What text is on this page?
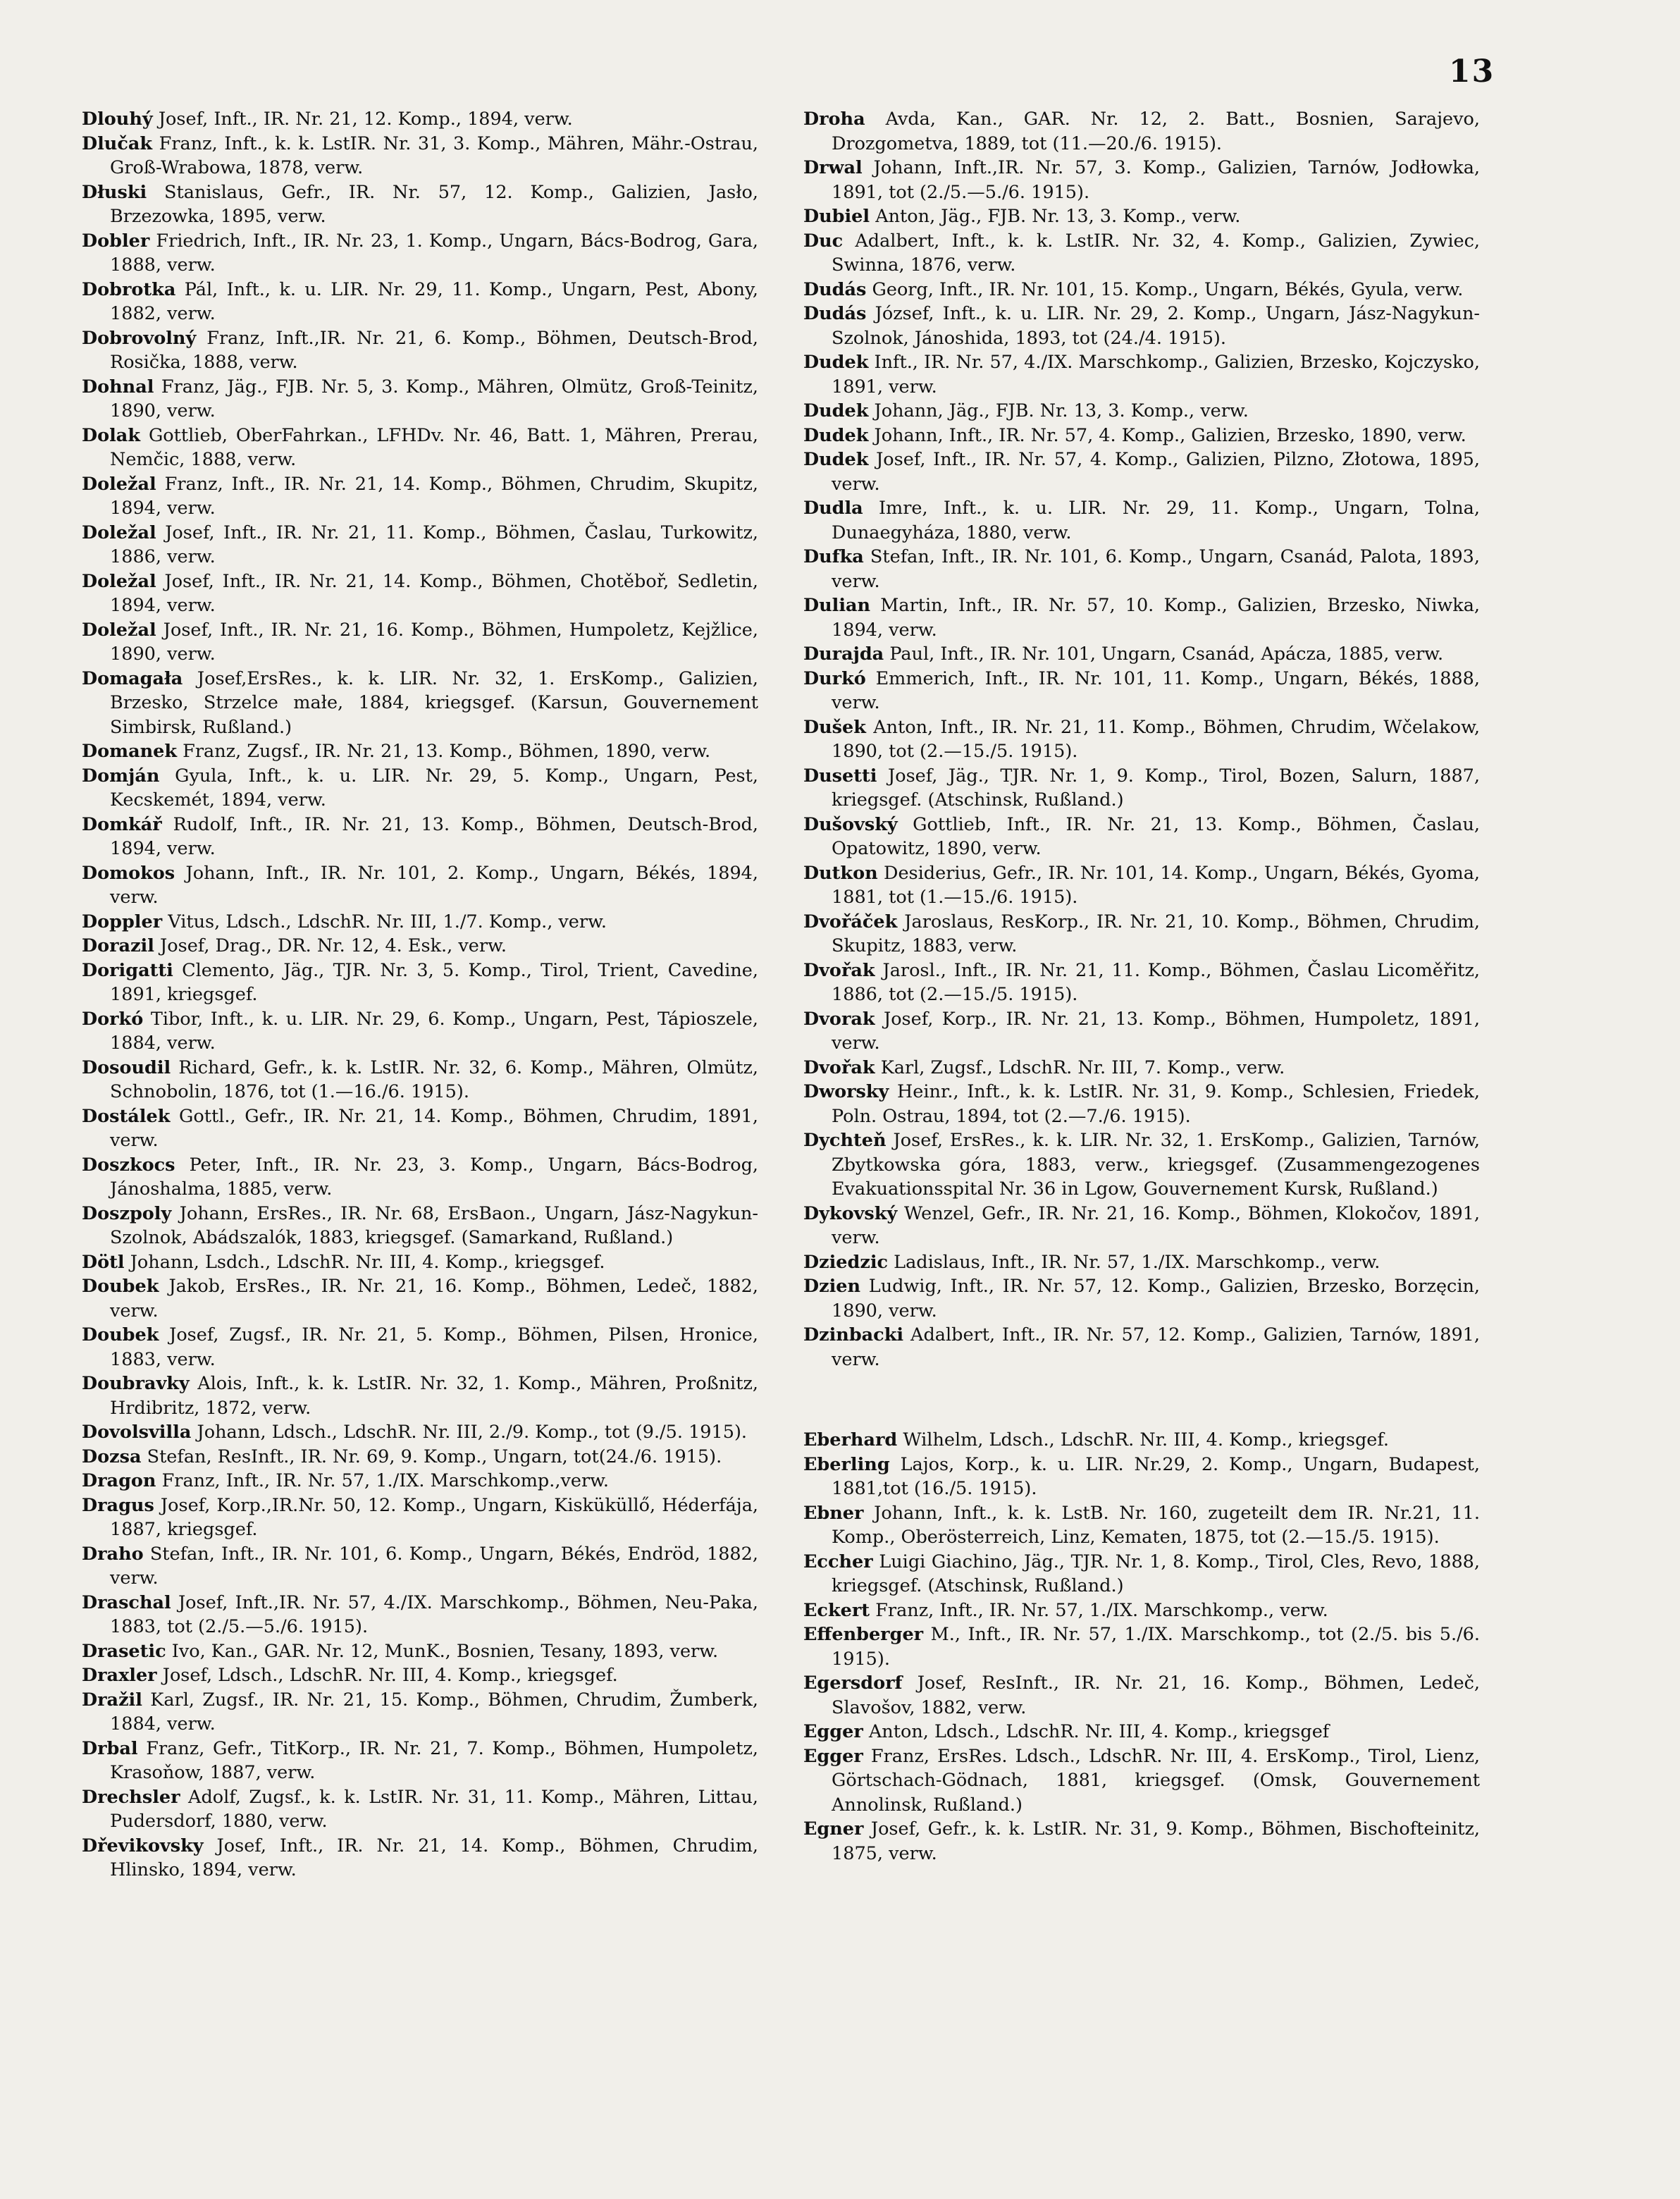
13

Dlouhý Josef, Inft., IR. Nr. 21, 12. Komp., 1894, verw.

Dlučak Franz, Inft., k. k. LstIR. Nr. 31, 3. Komp., Mähren, Mähr.-Ostrau, Groß-Wrabowa, 1878, verw.

Dłuski Stanislaus, Gefr., IR. Nr. 57, 12. Komp., Galizien, Jasło, Brzezowka, 1895, verw.

Dobler Friedrich, Inft., IR. Nr. 23, 1. Komp., Ungarn, Bács-Bodrog, Gara, 1888, verw.

Dobrotka Pál, Inft., k. u. LIR. Nr. 29, 11. Komp., Ungarn, Pest, Abony, 1882, verw.

Dobrovolný Franz, Inft.,IR. Nr. 21, 6. Komp., Böhmen, Deutsch-Brod, Rosička, 1888, verw.

Dohnal Franz, Jäg., FJB. Nr. 5, 3. Komp., Mähren, Olmütz, Groß-Teinitz, 1890, verw.

Dolak Gottlieb, OberFahrkan., LFHDv. Nr. 46, Batt. 1, Mähren, Prerau, Nemčic, 1888, verw.

Doležal Franz, Inft., IR. Nr. 21, 14. Komp., Böhmen, Chrudim, Skupitz, 1894, verw.

Doležal Josef, Inft., IR. Nr. 21, 11. Komp., Böhmen, Časlau, Turkowitz, 1886, verw.

Doležal Josef, Inft., IR. Nr. 21, 14. Komp., Böhmen, Chotěboř, Sedletin, 1894, verw.

Doležal Josef, Inft., IR. Nr. 21, 16. Komp., Böhmen, Humpoletz, Kejžlice, 1890, verw.

Domagała Josef,ErsRes., k. k. LIR. Nr. 32, 1. ErsKomp., Galizien, Brzesko, Strzelce małe, 1884, kriegsgef. (Karsun, Gouvernement Simbirsk, Rußland.)

Domanek Franz, Zugsf., IR. Nr. 21, 13. Komp., Böhmen, 1890, verw.

Domján Gyula, Inft., k. u. LIR. Nr. 29, 5. Komp., Ungarn, Pest, Kecskemét, 1894, verw.

Domkář Rudolf, Inft., IR. Nr. 21, 13. Komp., Böhmen, Deutsch-Brod, 1894, verw.

Domokos Johann, Inft., IR. Nr. 101, 2. Komp., Ungarn, Békés, 1894, verw.

Doppler Vitus, Ldsch., LdschR. Nr. III, 1./7. Komp., verw.

Dorazil Josef, Drag., DR. Nr. 12, 4. Esk., verw.

Dorigatti Clemento, Jäg., TJR. Nr. 3, 5. Komp., Tirol, Trient, Cavedine, 1891, kriegsgef.

Dorkó Tibor, Inft., k. u. LIR. Nr. 29, 6. Komp., Ungarn, Pest, Tápioszele, 1884, verw.

Dosoudil Richard, Gefr., k. k. LstIR. Nr. 32, 6. Komp., Mähren, Olmütz, Schnobolin, 1876, tot (1.—16./6. 1915).

Dostálek Gottl., Gefr., IR. Nr. 21, 14. Komp., Böhmen, Chrudim, 1891, verw.

Doszkocs Peter, Inft., IR. Nr. 23, 3. Komp., Ungarn, Bács-Bodrog, Jánoshalma, 1885, verw.

Doszpoly Johann, ErsRes., IR. Nr. 68, ErsBaon., Ungarn, Jász-Nagykun-Szolnok, Abádszalók, 1883, kriegsgef. (Samarkand, Rußland.)

Dötl Johann, Lsdch., LdschR. Nr. III, 4. Komp., kriegsgef.

Doubek Jakob, ErsRes., IR. Nr. 21, 16. Komp., Böhmen, Ledeč, 1882, verw.

Doubek Josef, Zugsf., IR. Nr. 21, 5. Komp., Böhmen, Pilsen, Hronice, 1883, verw.

Doubravky Alois, Inft., k. k. LstIR. Nr. 32, 1. Komp., Mähren, Proßnitz, Hrdibritz, 1872, verw.

Dovolsvilla Johann, Ldsch., LdschR. Nr. III, 2./9. Komp., tot (9./5. 1915).

Dozsa Stefan, ResInft., IR. Nr. 69, 9. Komp., Ungarn, tot(24./6. 1915).

Dragon Franz, Inft., IR. Nr. 57, 1./IX. Marschkomp.,verw.

Dragus Josef, Korp.,IR.Nr. 50, 12. Komp., Ungarn, Kisküküllő, Héderfája, 1887, kriegsgef.

Draho Stefan, Inft., IR. Nr. 101, 6. Komp., Ungarn, Békés, Endröd, 1882, verw.

Draschal Josef, Inft.,IR. Nr. 57, 4./IX. Marschkomp., Böhmen, Neu-Paka, 1883, tot (2./5.—5./6. 1915).

Drasetic Ivo, Kan., GAR. Nr. 12, MunK., Bosnien, Tesany, 1893, verw.

Draxler Josef, Ldsch., LdschR. Nr. III, 4. Komp., kriegsgef.

Dražil Karl, Zugsf., IR. Nr. 21, 15. Komp., Böhmen, Chrudim, Žumberk, 1884, verw.

Drbal Franz, Gefr., TitKorp., IR. Nr. 21, 7. Komp., Böhmen, Humpoletz, Krasoňow, 1887, verw.

Drechsler Adolf, Zugsf., k. k. LstIR. Nr. 31, 11. Komp., Mähren, Littau, Pudersdorf, 1880, verw.

Dřevikovsky Josef, Inft., IR. Nr. 21, 14. Komp., Böhmen, Chrudim, Hlinsko, 1894, verw.

Droha Avda, Kan., GAR. Nr. 12, 2. Batt., Bosnien, Sarajevo, Drozgometva, 1889, tot (11.—20./6. 1915).

Drwal Johann, Inft.,IR. Nr. 57, 3. Komp., Galizien, Tarnów, Jodłowka, 1891, tot (2./5.—5./6. 1915).

Dubiel Anton, Jäg., FJB. Nr. 13, 3. Komp., verw.

Duc Adalbert, Inft., k. k. LstIR. Nr. 32, 4. Komp., Galizien, Zywiec, Swinna, 1876, verw.

Dudás Georg, Inft., IR. Nr. 101, 15. Komp., Ungarn, Békés, Gyula, verw.

Dudás József, Inft., k. u. LIR. Nr. 29, 2. Komp., Ungarn, Jász-Nagykun-Szolnok, Jánoshida, 1893, tot (24./4. 1915).

Dudek Inft., IR. Nr. 57, 4./IX. Marschkomp., Galizien, Brzesko, Kojczysko, 1891, verw.

Dudek Johann, Jäg., FJB. Nr. 13, 3. Komp., verw.

Dudek Johann, Inft., IR. Nr. 57, 4. Komp., Galizien, Brzesko, 1890, verw.

Dudek Josef, Inft., IR. Nr. 57, 4. Komp., Galizien, Pilzno, Złotowa, 1895, verw.

Dudla Imre, Inft., k. u. LIR. Nr. 29, 11. Komp., Ungarn, Tolna, Dunaegyháza, 1880, verw.

Dufka Stefan, Inft., IR. Nr. 101, 6. Komp., Ungarn, Csanád, Palota, 1893, verw.

Dulian Martin, Inft., IR. Nr. 57, 10. Komp., Galizien, Brzesko, Niwka, 1894, verw.

Durajda Paul, Inft., IR. Nr. 101, Ungarn, Csanád, Apácza, 1885, verw.

Durkó Emmerich, Inft., IR. Nr. 101, 11. Komp., Ungarn, Békés, 1888, verw.

Dušek Anton, Inft., IR. Nr. 21, 11. Komp., Böhmen, Chrudim, Wčelakow, 1890, tot (2.—15./5. 1915).

Dusetti Josef, Jäg., TJR. Nr. 1, 9. Komp., Tirol, Bozen, Salurn, 1887, kriegsgef. (Atschinsk, Rußland.)

Dušovský Gottlieb, Inft., IR. Nr. 21, 13. Komp., Böhmen, Časlau, Opatowitz, 1890, verw.

Dutkon Desiderius, Gefr., IR. Nr. 101, 14. Komp., Ungarn, Békés, Gyoma, 1881, tot (1.—15./6. 1915).

Dvořáček Jaroslaus, ResKorp., IR. Nr. 21, 10. Komp., Böhmen, Chrudim, Skupitz, 1883, verw.

Dvořak Jarosl., Inft., IR. Nr. 21, 11. Komp., Böhmen, Časlau Licoměřitz, 1886, tot (2.—15./5. 1915).

Dvorak Josef, Korp., IR. Nr. 21, 13. Komp., Böhmen, Humpoletz, 1891, verw.

Dvořak Karl, Zugsf., LdschR. Nr. III, 7. Komp., verw.

Dworsky Heinr., Inft., k. k. LstIR. Nr. 31, 9. Komp., Schlesien, Friedek, Poln. Ostrau, 1894, tot (2.—7./6. 1915).

Dychteň Josef, ErsRes., k. k. LIR. Nr. 32, 1. ErsKomp., Galizien, Tarnów, Zbytkowska góra, 1883, verw., kriegsgef. (Zusammengezogenes Evakuationsspital Nr. 36 in Lgow, Gouvernement Kursk, Rußland.)

Dykovský Wenzel, Gefr., IR. Nr. 21, 16. Komp., Böhmen, Klokočov, 1891, verw.

Dziedzic Ladislaus, Inft., IR. Nr. 57, 1./IX. Marschkomp., verw.

Dzien Ludwig, Inft., IR. Nr. 57, 12. Komp., Galizien, Brzesko, Borzęcin, 1890, verw.

Dzinbacki Adalbert, Inft., IR. Nr. 57, 12. Komp., Galizien, Tarnów, 1891, verw.

Eberhard Wilhelm, Ldsch., LdschR. Nr. III, 4. Komp., kriegsgef.

Eberling Lajos, Korp., k. u. LIR. Nr.29, 2. Komp., Ungarn, Budapest, 1881,tot (16./5. 1915).

Ebner Johann, Inft., k. k. LstB. Nr. 160, zugeteilt dem IR. Nr.21, 11. Komp., Oberösterreich, Linz, Kematen, 1875, tot (2.—15./5. 1915).

Eccher Luigi Giachino, Jäg., TJR. Nr. 1, 8. Komp., Tirol, Cles, Revo, 1888, kriegsgef. (Atschinsk, Rußland.)

Eckert Franz, Inft., IR. Nr. 57, 1./IX. Marschkomp., verw.

Effenberger M., Inft., IR. Nr. 57, 1./IX. Marschkomp., tot (2./5. bis 5./6. 1915).

Egersdorf Josef, ResInft., IR. Nr. 21, 16. Komp., Böhmen, Ledeč, Slavošov, 1882, verw.

Egger Anton, Ldsch., LdschR. Nr. III, 4. Komp., kriegsgef

Egger Franz, ErsRes. Ldsch., LdschR. Nr. III, 4. ErsKomp., Tirol, Lienz, Görtschach-Gödnach, 1881, kriegsgef. (Omsk, Gouvernement Annolinsk, Rußland.)

Egner Josef, Gefr., k. k. LstIR. Nr. 31, 9. Komp., Böhmen, Bischofteinitz, 1875, verw.
